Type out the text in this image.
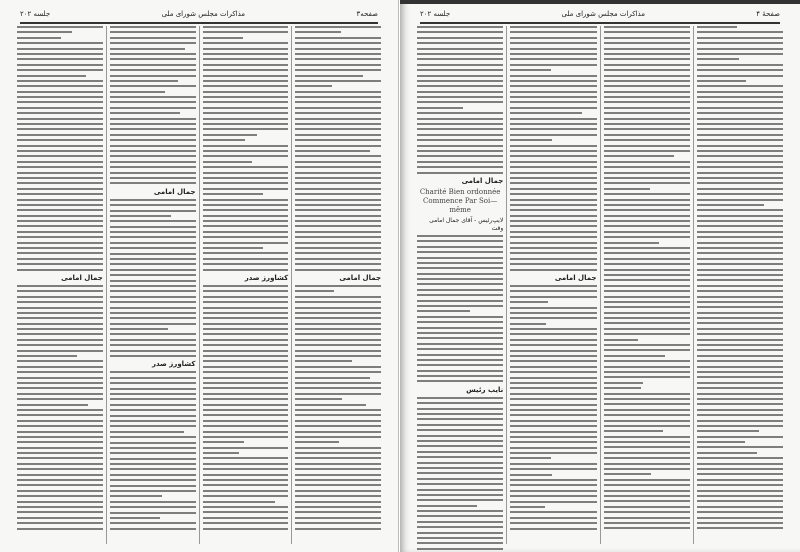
صفحه۳
مذاکرات مجلس شورای ملی
جلسه ۲۰۲
جمال امامی
کشاورز صدر
جمال امامی
کشاورز صدر
جمال امامی
صفحهٔ ۴
مذاکرات مجلس شورای ملی
جلسه ۲۰۲
جمال امامی
جمال امامی
Charité Bien ordonnée Commence Par Soi—même
لایپ‌رئیس - آقای جمال امامی وقت
نایب رئیس
